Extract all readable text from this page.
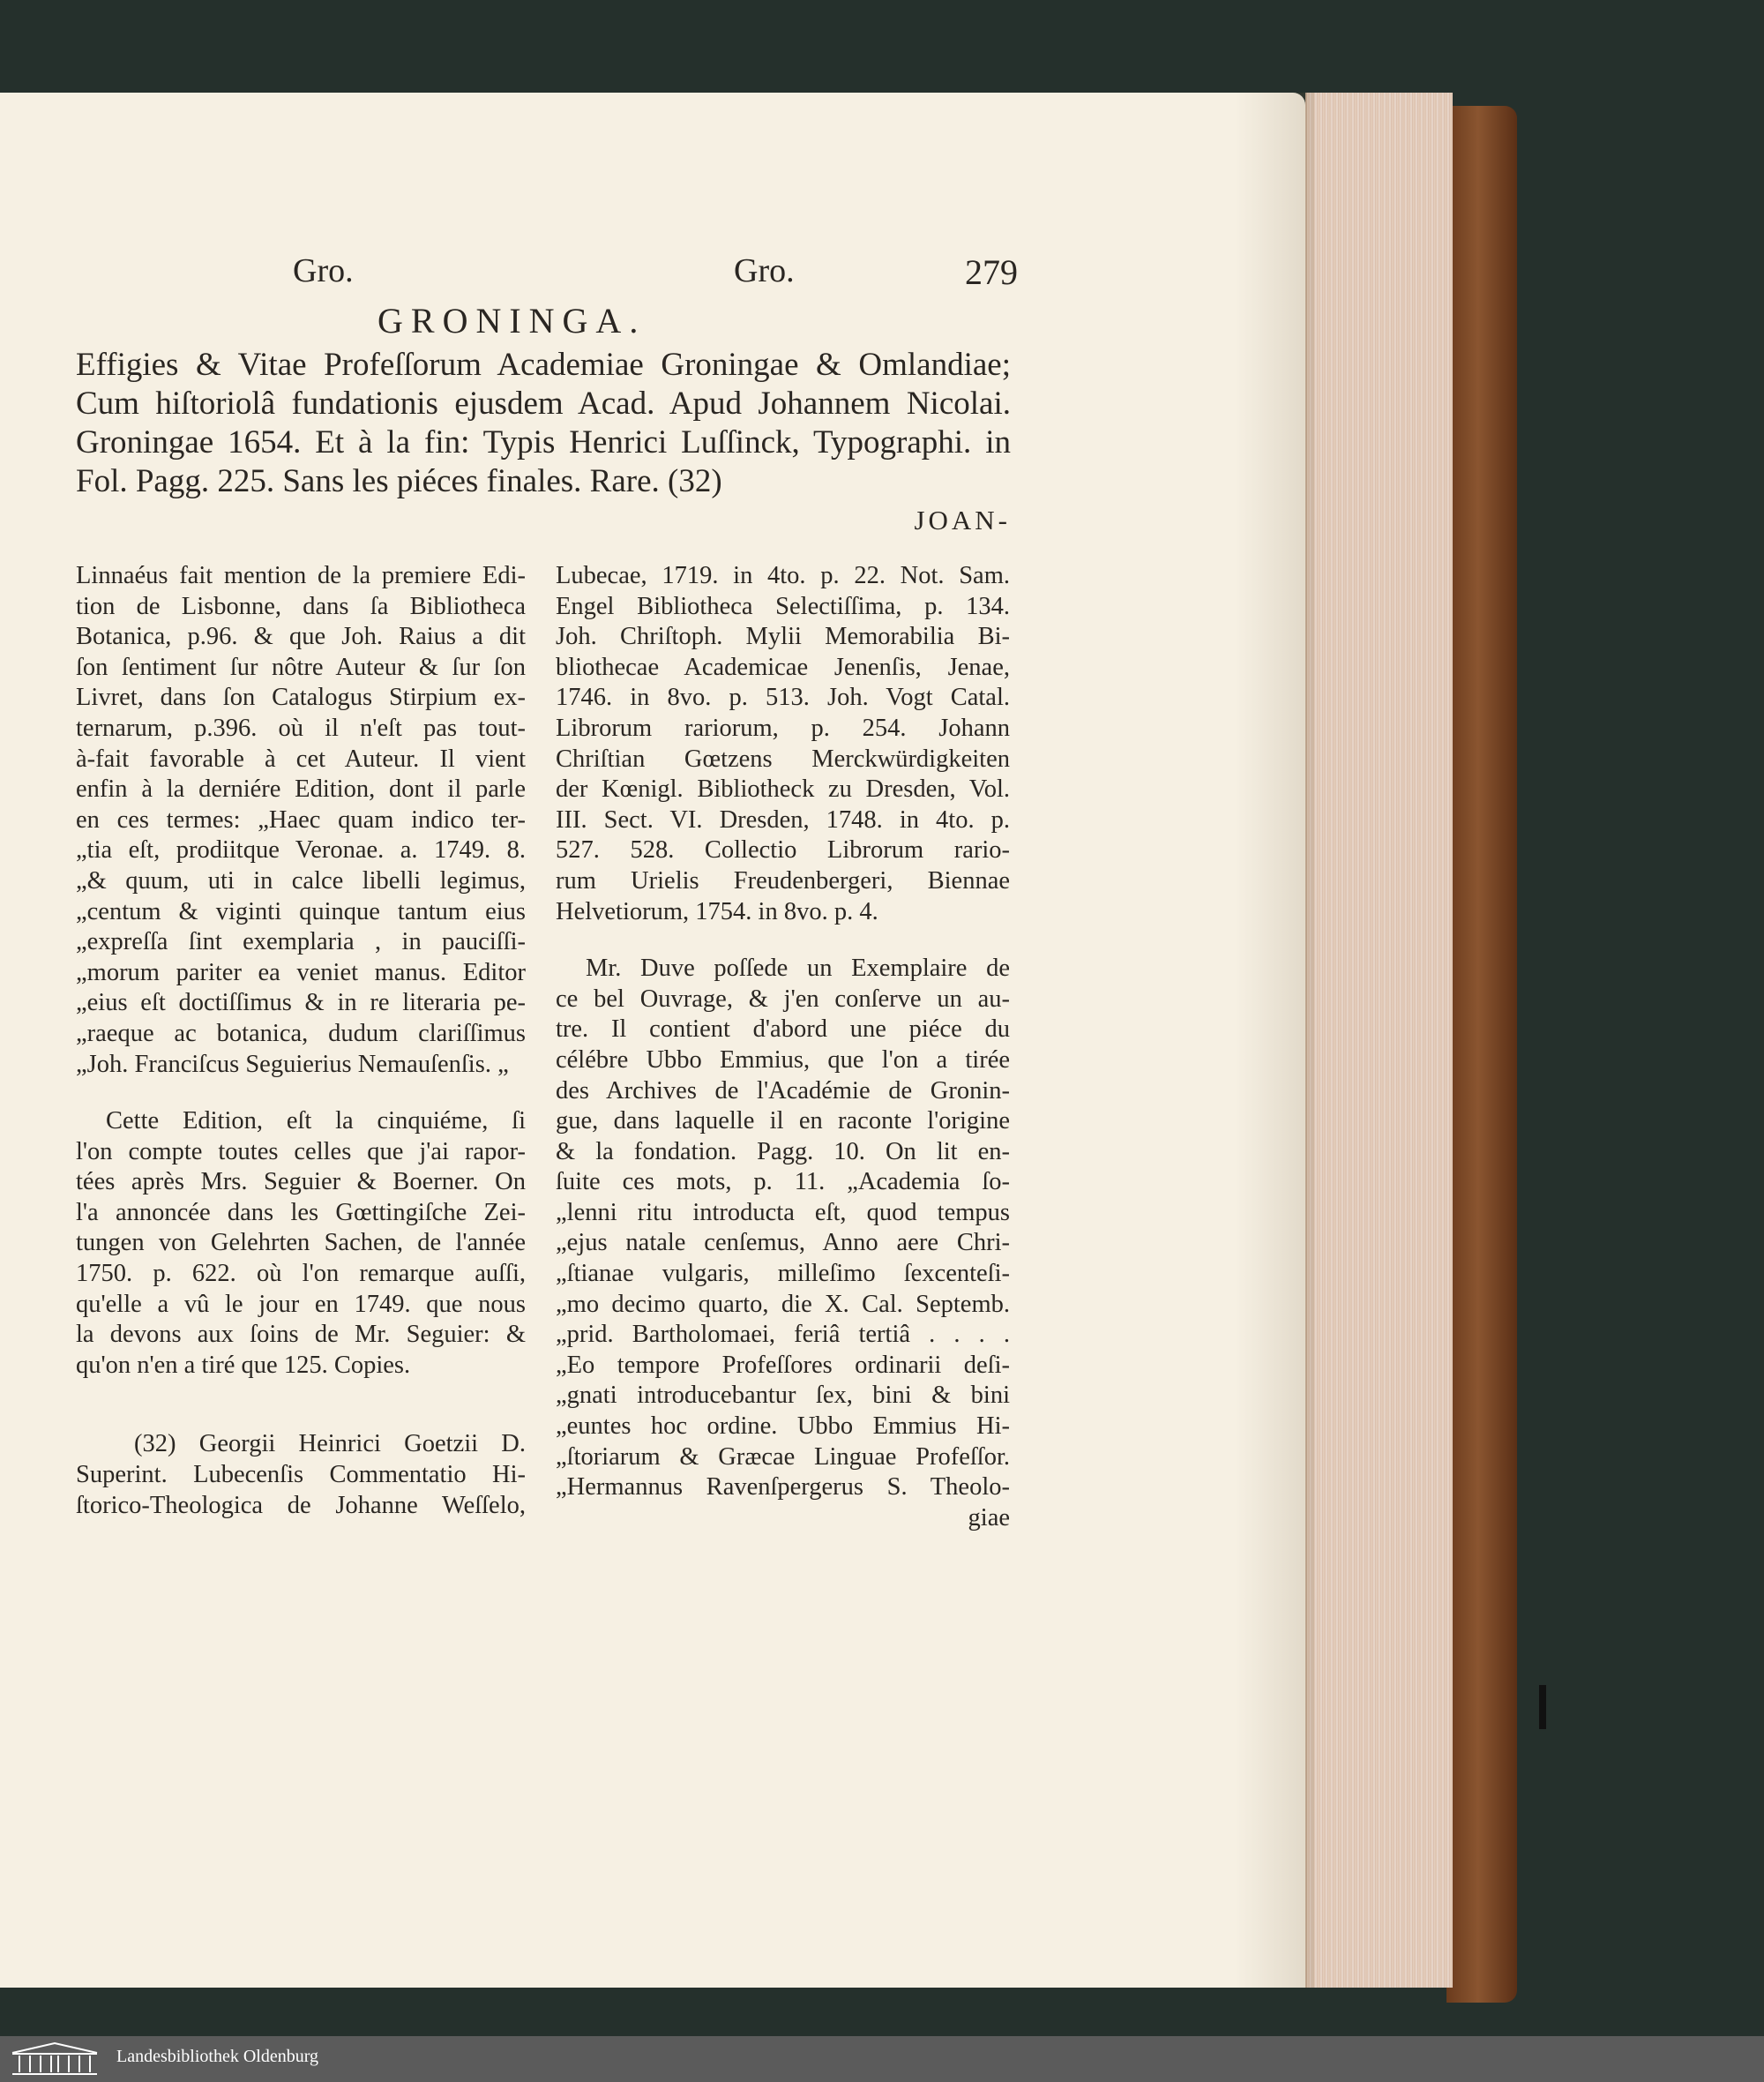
Gro.	Gro.	279

GRONINGA.

Effigies & Vitae Profeſſorum Academiae Groningae & Omlandiae;
Cum hiſtoriolâ fundationis ejusdem Acad. Apud Johannem Nicolai.
Groningae 1654. Et à la fin: Typis Henrici Luſſinck, Typographi. in
Fol. Pagg. 225. Sans les piéces finales. Rare. (32)
JOAN-
Linnaéus fait mention de la premiere Edi-
tion de Lisbonne, dans ſa Bibliotheca
Botanica, p.96. & que Joh. Raius a dit
ſon ſentiment ſur nôtre Auteur & ſur ſon
Livret, dans ſon Catalogus Stirpium ex-
ternarum, p.396. où il n'eſt pas tout-
à-fait favorable à cet Auteur. Il vient
enfin à la derniére Edition, dont il parle
en ces termes: „Haec quam indico ter-
„tia eſt, prodiitque Veronae. a. 1749. 8.
„& quum, uti in calce libelli legimus,
„centum & viginti quinque tantum eius
„expreſſa ſint exemplaria , in pauciſſi-
„morum pariter ea veniet manus. Editor
„eius eſt doctiſſimus & in re literaria pe-
„raeque ac botanica, dudum clariſſimus
„Joh. Franciſcus Seguierius Nemauſenſis. „
Cette Edition, eſt la cinquiéme, ſi
l'on compte toutes celles que j'ai rapor-
tées après Mrs. Seguier & Boerner. On
l'a annoncée dans les Gœttingiſche Zei-
tungen von Gelehrten Sachen, de l'année
1750. p. 622. où l'on remarque auſſi,
qu'elle a vû le jour en 1749. que nous
la devons aux ſoins de Mr. Seguier: &
qu'on n'en a tiré que 125. Copies.
(32) Georgii Heinrici Goetzii D.
Superint. Lubecenſis Commentatio Hi-
ſtorico-Theologica de Johanne Weſſelo,
Lubecae, 1719. in 4to. p. 22. Not. Sam.
Engel Bibliotheca Selectiſſima, p. 134.
Joh. Chriſtoph. Mylii Memorabilia Bi-
bliothecae Academicae Jenenſis, Jenae,
1746. in 8vo. p. 513. Joh. Vogt Catal.
Librorum rariorum, p. 254. Johann
Chriſtian Gœtzens Merckwürdigkeiten
der Kœnigl. Bibliotheck zu Dresden, Vol.
III. Sect. VI. Dresden, 1748. in 4to. p.
527. 528. Collectio Librorum rario-
rum Urielis Freudenbergeri, Biennae
Helvetiorum, 1754. in 8vo. p. 4.
Mr. Duve poſſede un Exemplaire de
ce bel Ouvrage, & j'en conſerve un au-
tre. Il contient d'abord une piéce du
célébre Ubbo Emmius, que l'on a tirée
des Archives de l'Académie de Gronin-
gue, dans laquelle il en raconte l'origine
& la fondation. Pagg. 10. On lit en-
ſuite ces mots, p. 11. „Academia ſo-
„lenni ritu introducta eſt, quod tempus
„ejus natale cenſemus, Anno aere Chri-
„ſtianae vulgaris, milleſimo ſexcenteſi-
„mo decimo quarto, die X. Cal. Septemb.
„prid. Bartholomaei, feriâ tertiâ . . . .
„Eo tempore Profeſſores ordinarii deſi-
„gnati introducebantur ſex, bini & bini
„euntes hoc ordine. Ubbo Emmius Hi-
„ſtoriarum & Græcae Linguae Profeſſor.
„Hermannus Ravenſpergerus S. Theolo-
giae

Landesbibliothek Oldenburg
